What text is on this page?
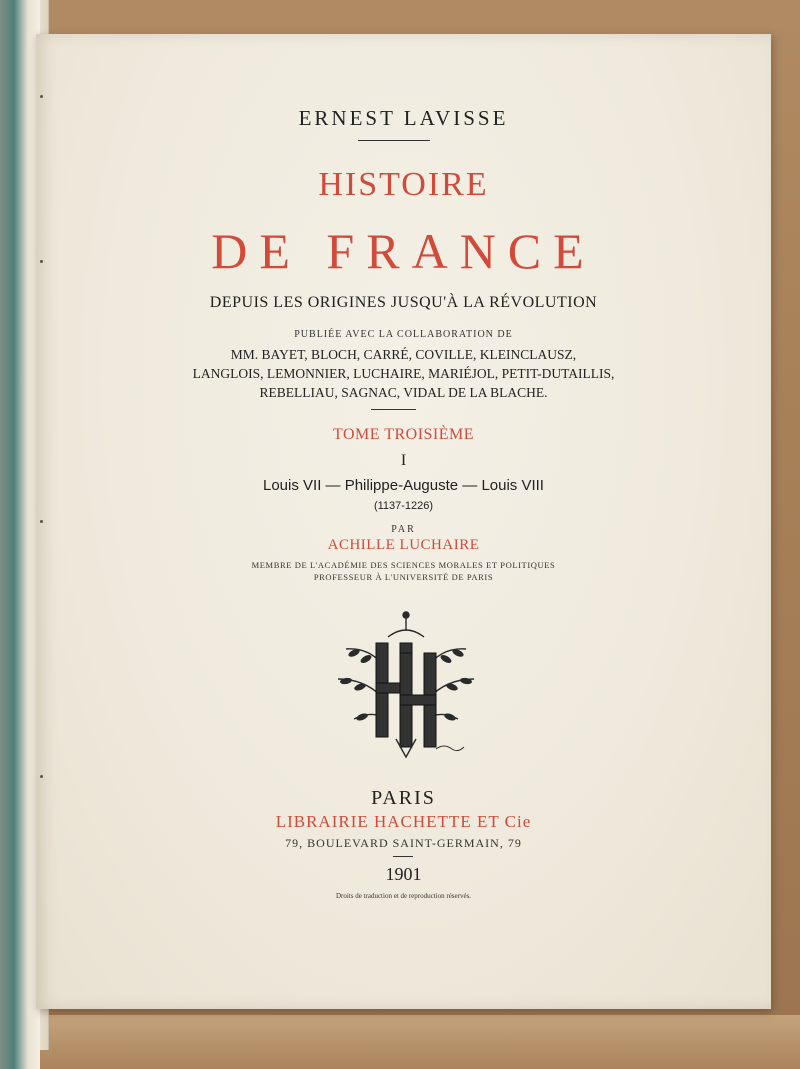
ERNEST LAVISSE
HISTOIRE
DE FRANCE
DEPUIS LES ORIGINES JUSQU'À LA RÉVOLUTION
PUBLIÉE AVEC LA COLLABORATION DE
MM. BAYET, BLOCH, CARRÉ, COVILLE, KLEINCLAUSZ,
LANGLOIS, LEMONNIER, LUCHAIRE, MARIÉJOL, PETIT-DUTAILLIS,
REBELLIAU, SAGNAC, VIDAL DE LA BLACHE.
TOME TROISIÈME
I
Louis VII — Philippe-Auguste — Louis VIII
(1137-1226)
PAR
ACHILLE LUCHAIRE
MEMBRE DE L'ACADÉMIE DES SCIENCES MORALES ET POLITIQUES
PROFESSEUR À L'UNIVERSITÉ DE PARIS
PARIS
LIBRAIRIE HACHETTE ET Cie
79, BOULEVARD SAINT-GERMAIN, 79
1901
Droits de traduction et de reproduction réservés.
